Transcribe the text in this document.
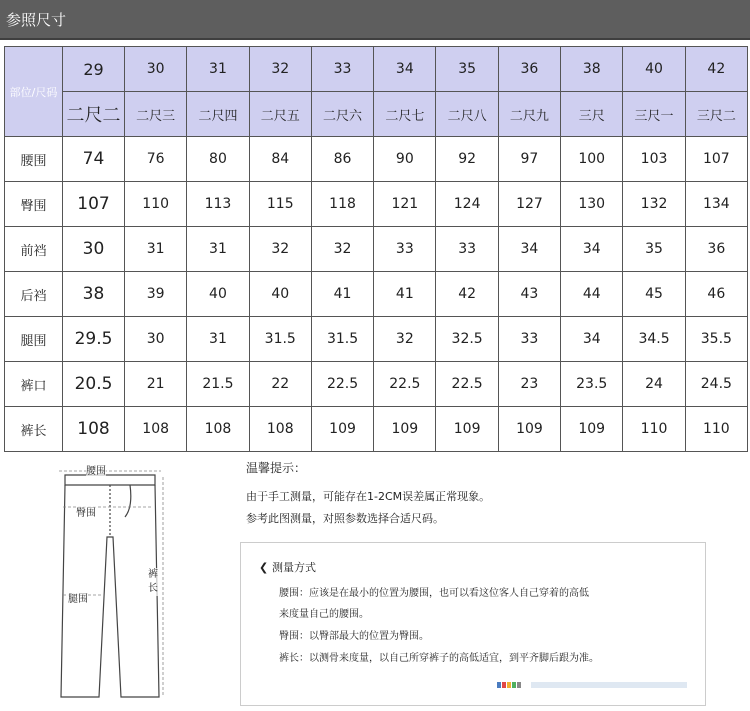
参照尺寸
部位/尺码	29	30	31	32	33	34	35	36	38	40	42
	二尺二	二尺三	二尺四	二尺五	二尺六	二尺七	二尺八	二尺九	三尺	三尺一	三尺二
腰围	74	76	80	84	86	90	92	97	100	103	107
臀围	107	110	113	115	118	121	124	127	130	132	134
前裆	30	31	31	32	32	33	33	34	34	35	36
后裆	38	39	40	40	41	41	42	43	44	45	46
腿围	29.5	30	31	31.5	31.5	32	32.5	33	34	34.5	35.5
裤口	20.5	21	21.5	22	22.5	22.5	22.5	23	23.5	24	24.5
裤长	108	108	108	108	109	109	109	109	109	110	110
腰围
臀围
腿围
裤长
温馨提示：
由于手工测量，可能存在1-2CM误差属正常现象。
参考此图测量，对照参数选择合适尺码。
❮ 测量方式
腰围：应该是在最小的位置为腰围，也可以看这位客人自己穿着的高低
来度量自己的腰围。
臀围：以臀部最大的位置为臀围。
裤长：以测骨来度量，以自己所穿裤子的高低适宜，到平齐脚后跟为准。
